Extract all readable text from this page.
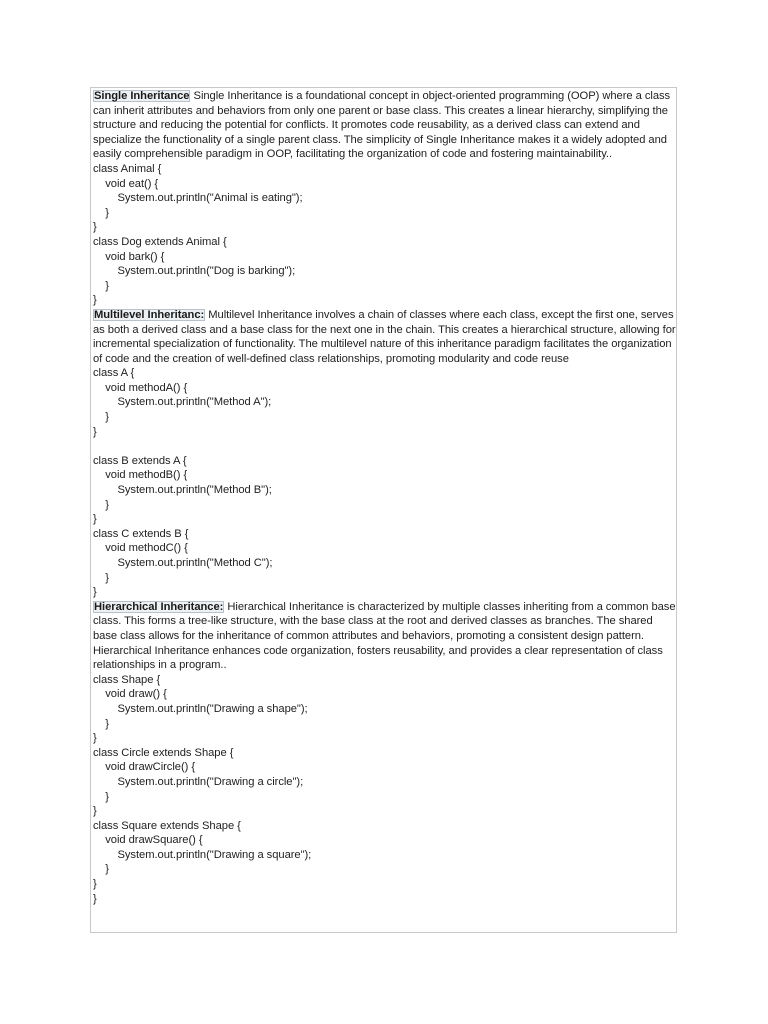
Single Inheritance Single Inheritance is a foundational concept in object-oriented programming (OOP) where a class can inherit attributes and behaviors from only one parent or base class. This creates a linear hierarchy, simplifying the structure and reducing the potential for conflicts. It promotes code reusability, as a derived class can extend and specialize the functionality of a single parent class. The simplicity of Single Inheritance makes it a widely adopted and easily comprehensible paradigm in OOP, facilitating the organization of code and fostering maintainability..

class Animal {
void eat() {
System.out.println("Animal is eating");
}
}
class Dog extends Animal {
void bark() {
System.out.println("Dog is barking");
}
}

Multilevel Inheritanc: Multilevel Inheritance involves a chain of classes where each class, except the first one, serves as both a derived class and a base class for the next one in the chain. This creates a hierarchical structure, allowing for incremental specialization of functionality. The multilevel nature of this inheritance paradigm facilitates the organization of code and the creation of well-defined class relationships, promoting modularity and code reuse

class A {
void methodA() {
System.out.println("Method A");
}
}
class B extends A {
void methodB() {
System.out.println("Method B");
}
}
class C extends B {
void methodC() {
System.out.println("Method C");
}
}

Hierarchical Inheritance: Hierarchical Inheritance is characterized by multiple classes inheriting from a common base class. This forms a tree-like structure, with the base class at the root and derived classes as branches. The shared base class allows for the inheritance of common attributes and behaviors, promoting a consistent design pattern. Hierarchical Inheritance enhances code organization, fosters reusability, and provides a clear representation of class relationships in a program..

class Shape {
void draw() {
System.out.println("Drawing a shape");
}
}
class Circle extends Shape {
void drawCircle() {
System.out.println("Drawing a circle");
}
}
class Square extends Shape {
void drawSquare() {
System.out.println("Drawing a square");
}
}
}
